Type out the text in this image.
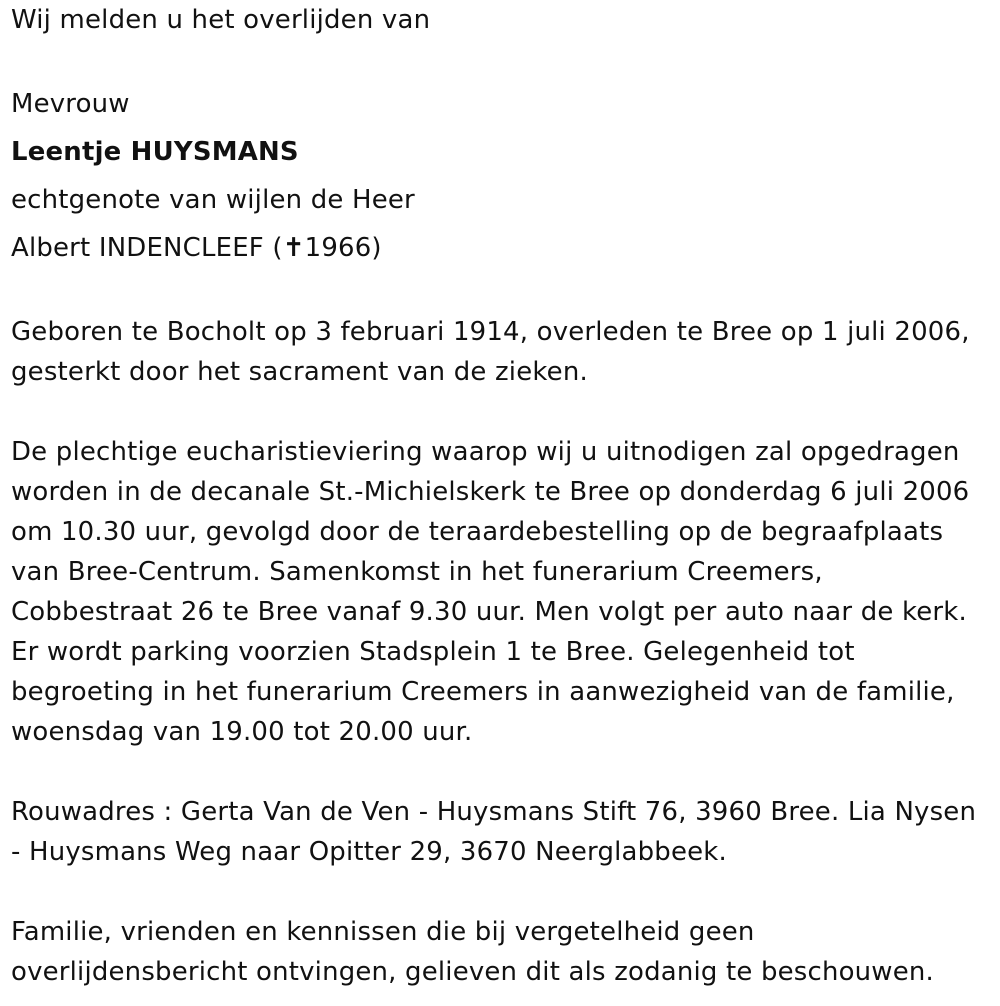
Wij melden u het overlijden van
Mevrouw
Leentje HUYSMANS
echtgenote van wijlen de Heer
Albert INDENCLEEF (✝1966)
Geboren te Bocholt op 3 februari 1914, overleden te Bree op 1 juli 2006,
gesterkt door het sacrament van de zieken.
De plechtige eucharistieviering waarop wij u uitnodigen zal opgedragen
worden in de decanale St.-Michielskerk te Bree op donderdag 6 juli 2006
om 10.30 uur, gevolgd door de teraardebestelling op de begraafplaats
van Bree-Centrum. Samenkomst in het funerarium Creemers,
Cobbestraat 26 te Bree vanaf 9.30 uur. Men volgt per auto naar de kerk.
Er wordt parking voorzien Stadsplein 1 te Bree. Gelegenheid tot
begroeting in het funerarium Creemers in aanwezigheid van de familie,
woensdag van 19.00 tot 20.00 uur.
Rouwadres : Gerta Van de Ven - Huysmans Stift 76, 3960 Bree. Lia Nysen
- Huysmans Weg naar Opitter 29, 3670 Neerglabbeek.
Familie, vrienden en kennissen die bij vergetelheid geen
overlijdensbericht ontvingen, gelieven dit als zodanig te beschouwen.
